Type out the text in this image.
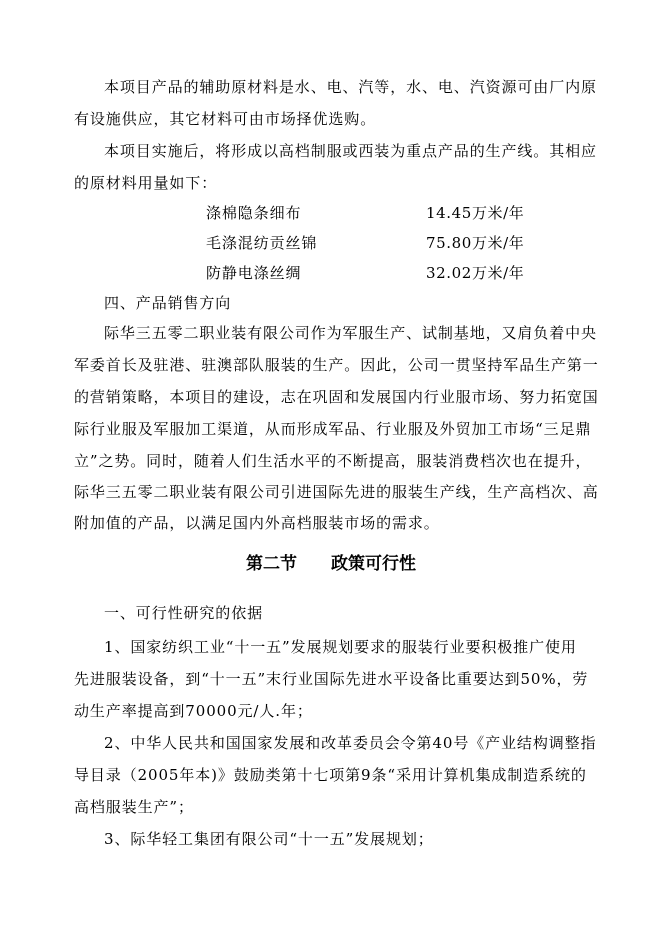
本项目产品的辅助原材料是水、电、汽等，水、电、汽资源可由厂内原
有设施供应，其它材料可由市场择优选购。
本项目实施后，将形成以高档制服或西装为重点产品的生产线。其相应
的原材料用量如下：
涤棉隐条细布	14.45万米/年
毛涤混纺贡丝锦	75.80万米/年
防静电涤丝绸	32.02万米/年
四、产品销售方向
际华三五零二职业装有限公司作为军服生产、试制基地，又肩负着中央
军委首长及驻港、驻澳部队服装的生产。因此，公司一贯坚持军品生产第一
的营销策略，本项目的建设，志在巩固和发展国内行业服市场、努力拓宽国
际行业服及军服加工渠道，从而形成军品、行业服及外贸加工市场“三足鼎
立”之势。同时，随着人们生活水平的不断提高，服装消费档次也在提升，
际华三五零二职业装有限公司引进国际先进的服装生产线，生产高档次、高
附加值的产品，以满足国内外高档服装市场的需求。
第二节 政策可行性
一、可行性研究的依据
1、国家纺织工业“十一五”发展规划要求的服装行业要积极推广使用
先进服装设备，到“十一五”末行业国际先进水平设备比重要达到50%，劳
动生产率提高到70000元/人.年；
2、中华人民共和国国家发展和改革委员会令第40号《产业结构调整指
导目录（2005年本)》鼓励类第十七项第9条“采用计算机集成制造系统的
高档服装生产”；
3、际华轻工集团有限公司“十一五”发展规划；
